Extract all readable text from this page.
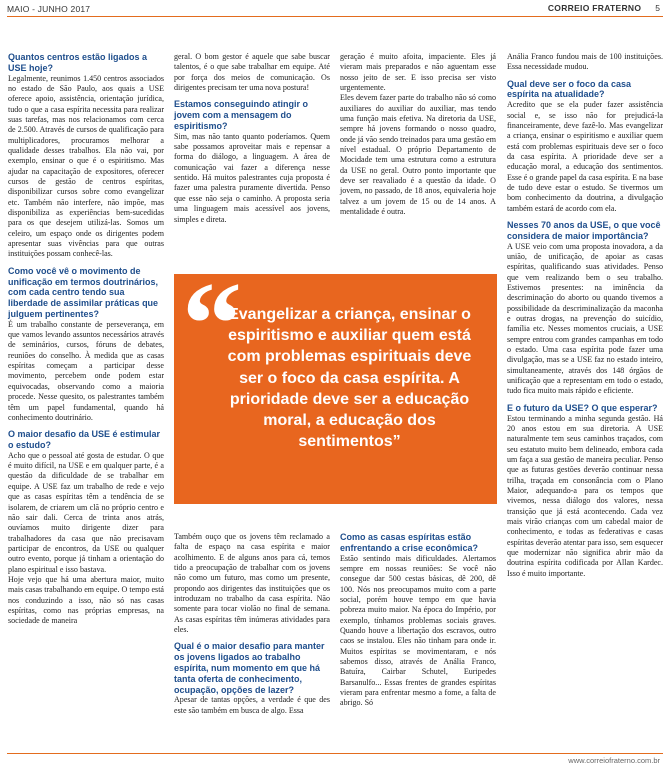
MAIO - JUNHO 2017	CORREIO FRATERNO 5
Quantos centros estão ligados a USE hoje?

Legalmente, reunimos 1.450 centros associados no estado de São Paulo, aos quais a USE oferece apoio, assistência, orientação jurídica, tudo o que a casa espírita necessita para realizar suas tarefas, mas nos relacionamos com cerca de 2.500. Através de cursos de qualificação para multiplicadores, procuramos melhorar a qualidade desses trabalhos. Ela não vai, por exemplo, ensinar o que é o espiritismo. Mas ajudar na capacitação de expositores, oferecer cursos de gestão de centros espíritas, disponibilizar cursos sobre como evangelizar etc. Também não interfere, não impõe, mas disponibiliza as experiências bem-sucedidas para os que desejem utilizá-las. Somos um celeiro, um espaço onde os dirigentes podem apresentar suas vivências para que outras instituições possam conhecê-las.

Como você vê o movimento de unificação em termos doutrinários, com cada centro tendo sua liberdade de assimilar práticas que julguem pertinentes?

É um trabalho constante de perseverança, em que vamos levando assuntos necessários através de seminários, cursos, fóruns de debates, reuniões do conselho. À medida que as casas espíritas começam a participar desse movimento, percebem onde podem estar equivocadas, observando como a maioria procede. Nesse quesito, os palestrantes também têm um papel fundamental, quando há conhecimento doutrinário.

O maior desafio da USE é estimular o estudo?

Acho que o pessoal até gosta de estudar. O que é muito difícil, na USE e em qualquer parte, é a questão da dificuldade de se trabalhar em equipe. A USE faz um trabalho de rede e vejo que as casas espíritas têm a tendência de se isolarem, de criarem um clã no próprio centro e não sair dali. Cerca de trinta anos atrás, ouvíamos muito dirigente dizer para trabalhadores da casa que não precisavam participar de encontros, da USE ou qualquer outro evento, porque já tinham a orientação do plano espiritual e isso bastava.

Hoje vejo que há uma abertura maior, muito mais casas trabalhando em equipe. O tempo está nos conduzindo a isso, não só nas casas espíritas, como nas próprias empresas, na sociedade de maneira

geral. O bom gestor é aquele que sabe buscar talentos, é o que sabe trabalhar em equipe. Até por força dos meios de comunicação. Os dirigentes precisam ter uma nova postura!

Estamos conseguindo atingir o jovem com a mensagem do espiritismo?

Sim, mas não tanto quanto poderíamos. Quem sabe possamos aproveitar mais e repensar a forma do diálogo, a linguagem. A área de comunicação vai fazer a diferença nesse sentido. Há muitos palestrantes cuja proposta é fazer uma palestra puramente divertida. Penso que esse não seja o caminho. A proposta seria uma linguagem mais acessível aos jovens, simples e direta.

geração é muito afoita, impaciente. Eles já vieram mais preparados e não aguentam esse nosso jeito de ser. E isso precisa ser visto urgentemente.

Eles devem fazer parte do trabalho não só como auxiliares do auxiliar do auxiliar, mas tendo uma função mais efetiva. Na diretoria da USE, sempre há jovens formando o nosso quadro, onde já vão sendo treinados para uma gestão em nível estadual. O próprio Departamento de Mocidade tem uma estrutura como a estrutura da USE no geral. Outro ponto importante que deve ser reavaliado é a questão da idade. O jovem, no passado, de 18 anos, equivaleria hoje talvez a um jovem de 15 ou de 14 anos. A mentalidade é outra.

“
Evangelizar a criança, ensinar o espiritismo e auxiliar quem está com problemas espirituais deve ser o foco da casa espírita. A prioridade deve ser a educação moral, a educação dos sentimentos”

Também ouço que os jovens têm reclamado a falta de espaço na casa espírita e maior acolhimento. E de alguns anos para cá, temos tido a preocupação de trabalhar com os jovens não como um futuro, mas como um presente, propondo aos dirigentes das instituições que os introduzam no trabalho da casa espírita. Não somente para tocar violão no final de semana. As casas espíritas têm inúmeras atividades para eles.

Qual é o maior desafio para manter os jovens ligados ao trabalho espírita, num momento em que há tanta oferta de conhecimento, ocupação, opções de lazer?

Apesar de tantas opções, a verdade é que des este são também em busca de algo. Essa

Como as casas espíritas estão enfrentando a crise econômica?

Estão sentindo mais dificuldades. Alertamos sempre em nossas reuniões: Se você não consegue dar 500 cestas básicas, dê 200, dê 100. Nós nos preocupamos muito com a parte social, porém houve tempo em que havia pobreza muito maior. Na época do Império, por exemplo, tínhamos problemas sociais graves. Quando houve a libertação dos escravos, outro caos se instalou. Eles não tinham para onde ir. Muitos espíritas se movimentaram, e nós sabemos disso, através de Anália Franco, Batuíra, Cairbar Schutel, Euripedes Barsanulfo... Essas frentes de grandes espíritas vieram para enfrentar mesmo a fome, a falta de abrigo. Só

Anália Franco fundou mais de 100 instituições. Essa necessidade mudou.

Qual deve ser o foco da casa espírita na atualidade?

Acredito que se ela puder fazer assistência social e, se isso não for prejudicá-la financeiramente, deve fazê-lo. Mas evangelizar a criança, ensinar o espiritismo e auxiliar quem está com problemas espirituais deve ser o foco da casa espírita. A prioridade deve ser a educação moral, a educação dos sentimentos. Esse é o grande papel da casa espírita. E na base de tudo deve estar o estudo. Se tivermos um bom conhecimento da doutrina, a divulgação também estará de acordo com ela.

Nesses 70 anos da USE, o que você considera de maior importância?

A USE veio com uma proposta inovadora, a da união, de unificação, de apoiar as casas espíritas, qualificando suas atividades. Penso que vem realizando bem o seu trabalho. Estivemos presentes: na iminência da descriminação do aborto ou quando tivemos a possibilidade da descriminalização da maconha e outras drogas, na prevenção do suicídio, família etc. Nesses momentos cruciais, a USE sempre entrou com grandes campanhas em todo o estado. Uma casa espírita pode fazer uma divulgação, mas se a USE faz no estado inteiro, simultaneamente, através dos 148 órgãos de unificação que a representam em todo o estado, tudo fica muito mais rápido e eficiente.

E o futuro da USE? O que esperar?

Estou terminando a minha segunda gestão. Há 20 anos estou em sua diretoria. A USE naturalmente tem seus caminhos traçados, com seu estatuto muito bem delineado, embora cada um faça a sua gestão de maneira peculiar. Penso que as futuras gestões deverão continuar nessa trilha, traçada em consonância com o Plano Maior, adequando-a para os tempos que vivemos, nessa diálogo dos valores, nessa transição que já está acontecendo. Cada vez mais virão crianças com um cabedal maior de conhecimento, e todas as federativas e casas espíritas deverão atentar para isso, sem esquecer que modernizar não significa abrir mão da doutrina espírita codificada por Allan Kardec. Isso é muito importante.

www.correiofraterno.com.br
